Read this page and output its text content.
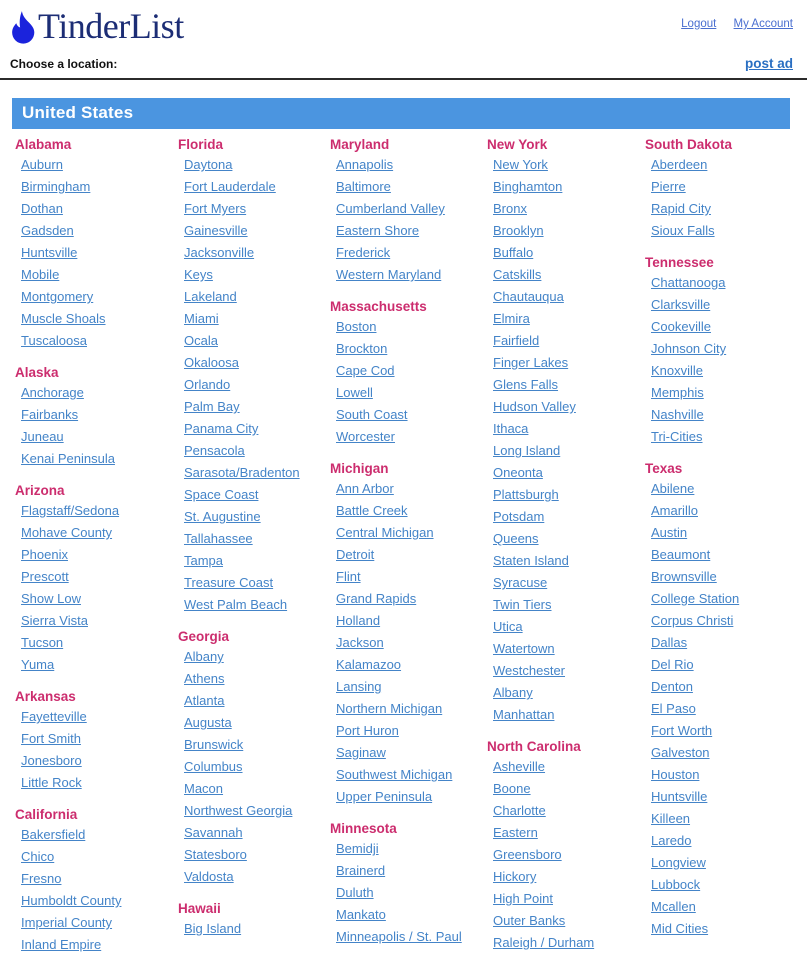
TinderList	Logout My Account
Choose a location:	post ad
United States
Alabama
Auburn
Birmingham
Dothan
Gadsden
Huntsville
Mobile
Montgomery
Muscle Shoals
Tuscaloosa
Alaska
Anchorage
Fairbanks
Juneau
Kenai Peninsula
Arizona
Flagstaff/Sedona
Mohave County
Phoenix
Prescott
Show Low
Sierra Vista
Tucson
Yuma
Arkansas
Fayetteville
Fort Smith
Jonesboro
Little Rock
California
Bakersfield
Chico
Fresno
Humboldt County
Imperial County
Inland Empire
Florida
Daytona
Fort Lauderdale
Fort Myers
Gainesville
Jacksonville
Keys
Lakeland
Miami
Ocala
Okaloosa
Orlando
Palm Bay
Panama City
Pensacola
Sarasota/Bradenton
Space Coast
St. Augustine
Tallahassee
Tampa
Treasure Coast
West Palm Beach
Georgia
Albany
Athens
Atlanta
Augusta
Brunswick
Columbus
Macon
Northwest Georgia
Savannah
Statesboro
Valdosta
Hawaii
Big Island
Maryland
Annapolis
Baltimore
Cumberland Valley
Eastern Shore
Frederick
Western Maryland
Massachusetts
Boston
Brockton
Cape Cod
Lowell
South Coast
Worcester
Michigan
Ann Arbor
Battle Creek
Central Michigan
Detroit
Flint
Grand Rapids
Holland
Jackson
Kalamazoo
Lansing
Northern Michigan
Port Huron
Saginaw
Southwest Michigan
Upper Peninsula
Minnesota
Bemidji
Brainerd
Duluth
Mankato
Minneapolis / St. Paul
New York
New York
Binghamton
Bronx
Brooklyn
Buffalo
Catskills
Chautauqua
Elmira
Fairfield
Finger Lakes
Glens Falls
Hudson Valley
Ithaca
Long Island
Oneonta
Plattsburgh
Potsdam
Queens
Staten Island
Syracuse
Twin Tiers
Utica
Watertown
Westchester
Albany
Manhattan
North Carolina
Asheville
Boone
Charlotte
Eastern
Greensboro
Hickory
High Point
Outer Banks
Raleigh / Durham
South Dakota
Aberdeen
Pierre
Rapid City
Sioux Falls
Tennessee
Chattanooga
Clarksville
Cookeville
Johnson City
Knoxville
Memphis
Nashville
Tri-Cities
Texas
Abilene
Amarillo
Austin
Beaumont
Brownsville
College Station
Corpus Christi
Dallas
Del Rio
Denton
El Paso
Fort Worth
Galveston
Houston
Huntsville
Killeen
Laredo
Longview
Lubbock
Mcallen
Mid Cities
